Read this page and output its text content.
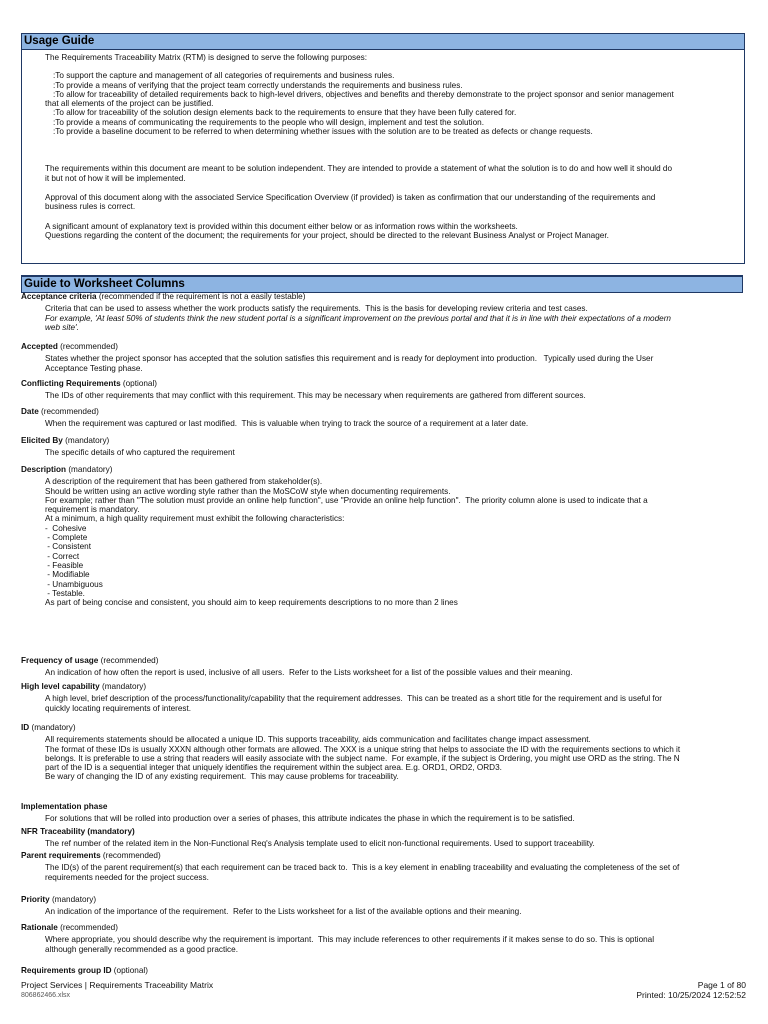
Usage Guide

The Requirements Traceability Matrix (RTM) is designed to serve the following purposes:

:To support the capture and management of all categories of requirements and business rules.

:To provide a means of verifying that the project team correctly understands the requirements and business rules.

:To allow for traceability of detailed requirements back to high-level drivers, objectives and benefits and thereby demonstrate to the project sponsor and senior management

that all elements of the project can be justified.

:To allow for traceability of the solution design elements back to the requirements to ensure that they have been fully catered for.

:To provide a means of communicating the requirements to the people who will design, implement and test the solution.

:To provide a baseline document to be referred to when determining whether issues with the solution are to be treated as defects or change requests.

The requirements within this document are meant to be solution independent. They are intended to provide a statement of what the solution is to do and how well it should do

it but not of how it will be implemented.

Approval of this document along with the associated Service Specification Overview (if provided) is taken as confirmation that our understanding of the requirements and

business rules is correct.

A significant amount of explanatory text is provided within this document either below or as information rows within the worksheets.

Questions regarding the content of the document; the requirements for your project, should be directed to the relevant Business Analyst or Project Manager.

Guide to Worksheet Columns
Acceptance criteria (recommended if the requirement is not a easily testable)

Criteria that can be used to assess whether the work products satisfy the requirements.  This is the basis for developing review criteria and test cases.

For example, 'At least 50% of students think the new student portal is a significant improvement on the previous portal and that it is in line with their expectations of a modern

web site'.

Accepted (recommended)

States whether the project sponsor has accepted that the solution satisfies this requirement and is ready for deployment into production.   Typically used during the User

Acceptance Testing phase.

Conflicting Requirements (optional)

The IDs of other requirements that may conflict with this requirement. This may be necessary when requirements are gathered from different sources.

Date (recommended)

When the requirement was captured or last modified.  This is valuable when trying to track the source of a requirement at a later date.

Elicited By (mandatory)

The specific details of who captured the requirement

Description (mandatory)

A description of the requirement that has been gathered from stakeholder(s).

Should be written using an active wording style rather than the MoSCoW style when documenting requirements.

For example; rather than "The solution must provide an online help function", use "Provide an online help function".  The priority column alone is used to indicate that a

requirement is mandatory.

At a minimum, a high quality requirement must exhibit the following characteristics:

-  Cohesive

- Complete

- Consistent

- Correct

- Feasible

- Modifiable

- Unambiguous

- Testable.

As part of being concise and consistent, you should aim to keep requirements descriptions to no more than 2 lines

Frequency of usage (recommended)

An indication of how often the report is used, inclusive of all users.  Refer to the Lists worksheet for a list of the possible values and their meaning.

High level capability (mandatory)

A high level, brief description of the process/functionality/capability that the requirement addresses.  This can be treated as a short title for the requirement and is useful for

quickly locating requirements of interest.

ID (mandatory)

All requirements statements should be allocated a unique ID. This supports traceability, aids communication and facilitates change impact assessment.

The format of these IDs is usually XXXN although other formats are allowed. The XXX is a unique string that helps to associate the ID with the requirements sections to which it

belongs. It is preferable to use a string that readers will easily associate with the subject name.  For example, if the subject is Ordering, you might use ORD as the string. The N

part of the ID is a sequential integer that uniquely identifies the requirement within the subject area. E.g. ORD1, ORD2, ORD3.

Be wary of changing the ID of any existing requirement.  This may cause problems for traceability.

Implementation phase

For solutions that will be rolled into production over a series of phases, this attribute indicates the phase in which the requirement is to be satisfied.

NFR Traceability (mandatory)

The ref number of the related item in the Non-Functional Req's Analysis template used to elicit non-functional requirements. Used to support traceability.

Parent requirements (recommended)

The ID(s) of the parent requirement(s) that each requirement can be traced back to.  This is a key element in enabling traceability and evaluating the completeness of the set of

requirements needed for the project success.

Priority (mandatory)

An indication of the importance of the requirement.  Refer to the Lists worksheet for a list of the available options and their meaning.

Rationale (recommended)

Where appropriate, you should describe why the requirement is important.  This may include references to other requirements if it makes sense to do so. This is optional

although generally recommended as a good practice.

Requirements group ID (optional)
Project Services | Requirements Traceability Matrix	Page 1 of 80
806862466.xlsx	Printed: 10/25/2024 12:52:52
